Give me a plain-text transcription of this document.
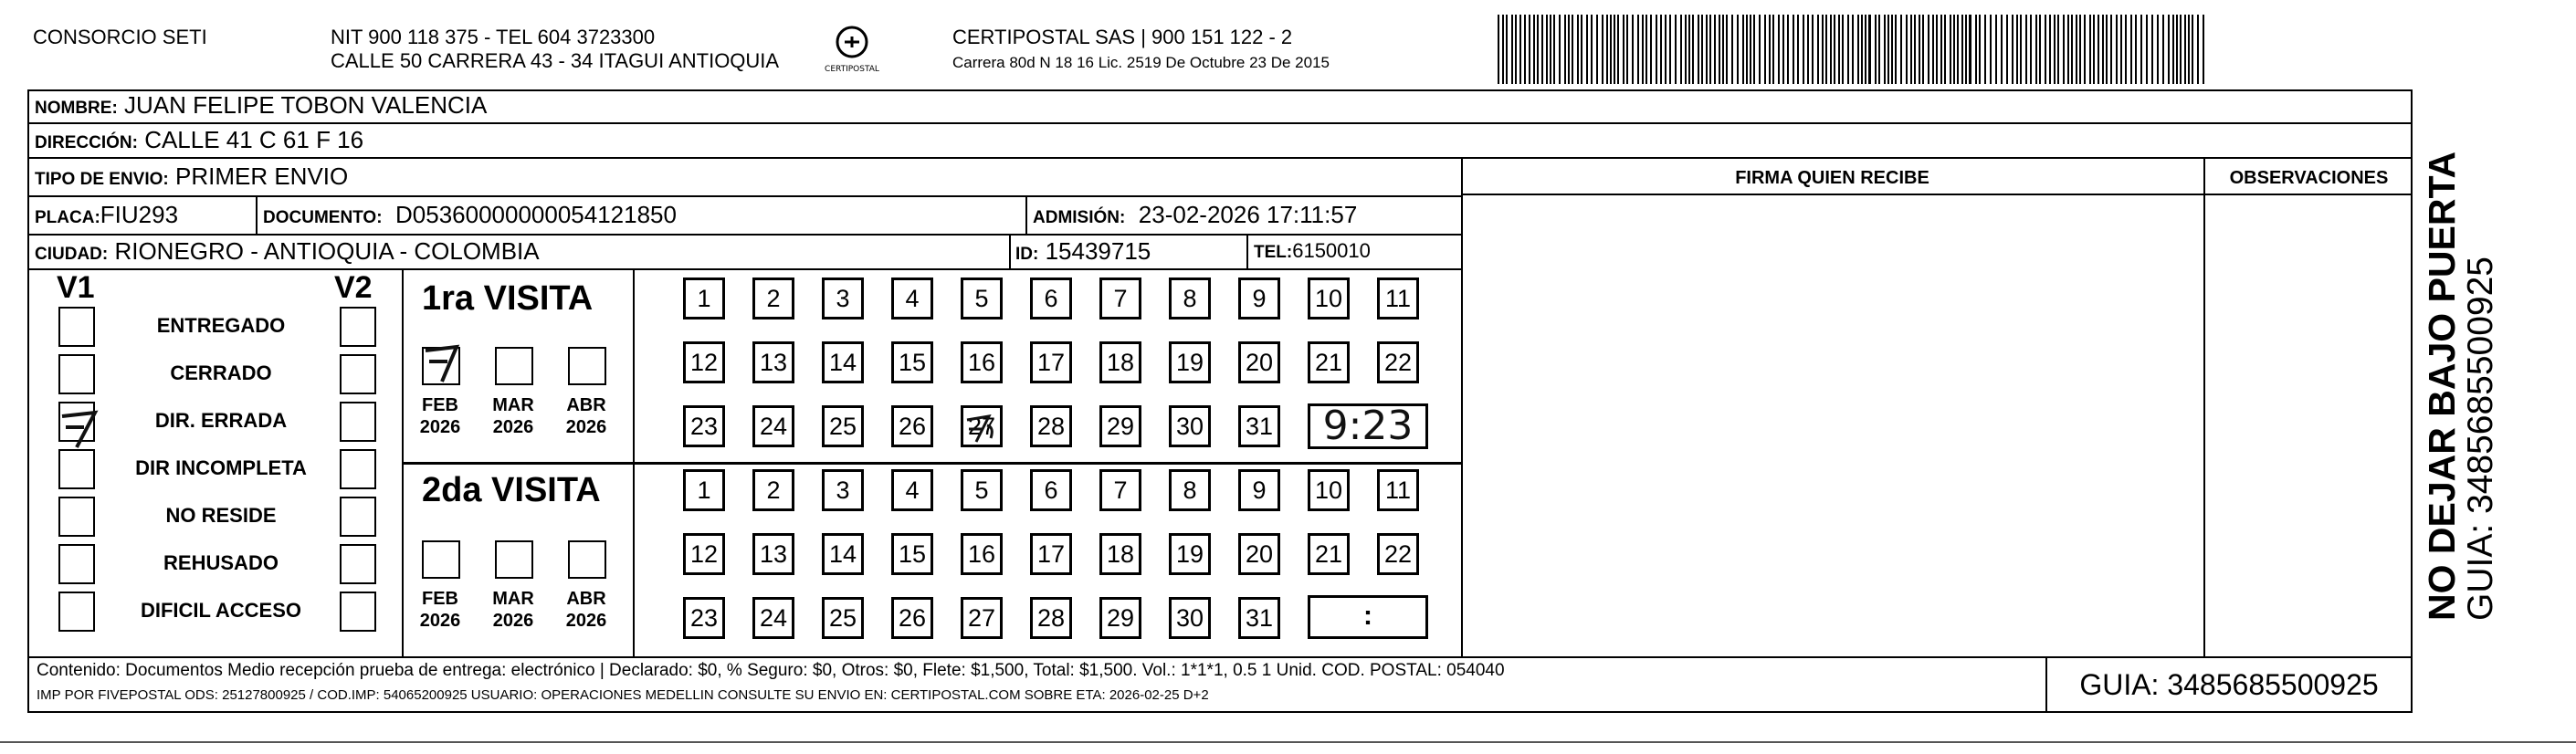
CONSORCIO SETI	NIT 900 118 375 - TEL 604 3723300
CALLE 50 CARRERA 43 - 34 ITAGUI ANTIOQUIA	CERTIPOSTAL
CERTIPOSTAL SAS | 900 151 122 - 2
Carrera 80d N 18 16 Lic. 2519 De Octubre 23 De 2015
NOMBRE: JUAN FELIPE TOBON VALENCIA
DIRECCIÓN: CALLE 41 C 61 F 16
TIPO DE ENVIO: PRIMER ENVIO
PLACA:FIU293	DOCUMENTO: D05360000000054121850	ADMISIÓN: 23-02-2026 17:11:57
CIUDAD: RIONEGRO - ANTIOQUIA - COLOMBIA	ID: 15439715	TEL:6150010
FIRMA QUIEN RECIBE	OBSERVACIONES
V1	V2
ENTREGADO
CERRADO
DIR. ERRADA
DIR INCOMPLETA
NO RESIDE
REHUSADO
DIFICIL ACCESO
1ra VISITA
2da VISITA
FEB
2026
MAR
2026
ABR
2026
FEB
2026
MAR
2026
ABR
2026
1	2	3	4	5	6	7	8	9	10	11
12 13 14 15 16 17 18 19 20 21 22
23 24 25 26 27 28 29 30 31
1	2	3	4	5	6	7	8	9	10	11
12 13 14 15 16 17 18 19 20 21 22
23 24 25 26 27 28 29 30 31
9:23
:
Contenido: Documentos Medio recepción prueba de entrega: electrónico | Declarado: $0, % Seguro: $0, Otros: $0, Flete: $1,500, Total: $1,500. Vol.: 1*1*1, 0.5 1 Unid. COD. POSTAL: 054040
IMP POR FIVEPOSTAL ODS: 25127800925 / COD.IMP: 54065200925 USUARIO: OPERACIONES MEDELLIN CONSULTE SU ENVIO EN: CERTIPOSTAL.COM SOBRE ETA: 2026-02-25 D+2	GUIA: 3485685500925
NO DEJAR BAJO PUERTA
GUIA: 3485685500925
